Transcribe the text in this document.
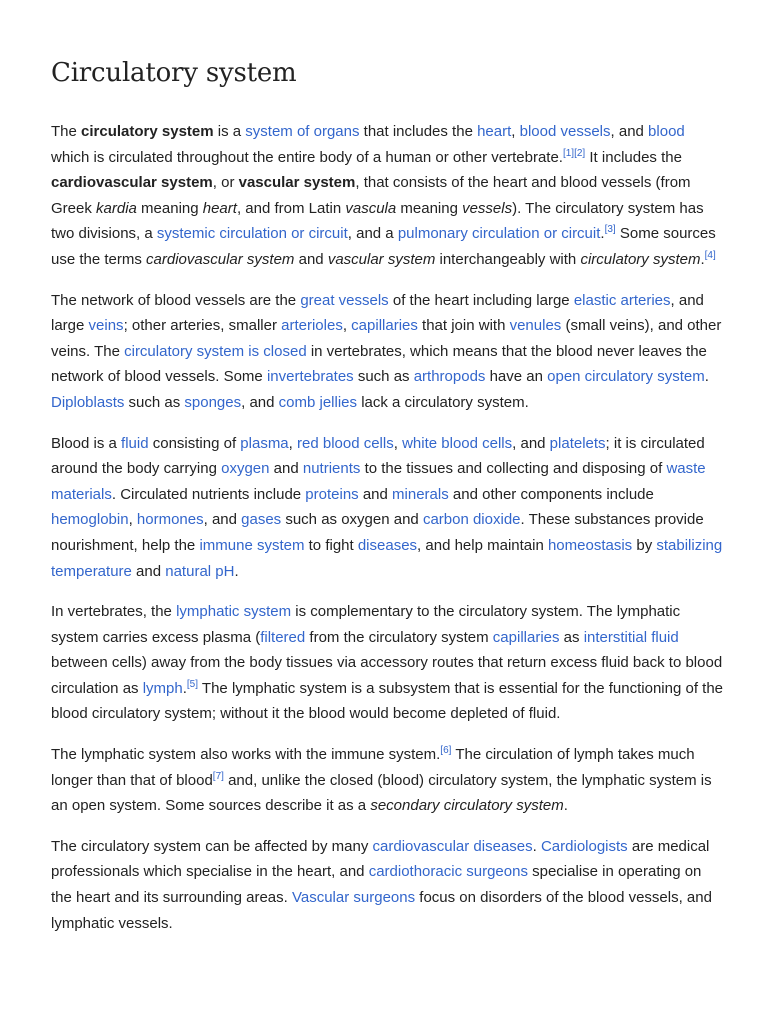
Circulatory system

The circulatory system is a system of organs that includes the heart, blood vessels, and blood which is circulated throughout the entire body of a human or other vertebrate.[1][2] It includes the cardiovascular system, or vascular system, that consists of the heart and blood vessels (from Greek kardia meaning heart, and from Latin vascula meaning vessels). The circulatory system has two divisions, a systemic circulation or circuit, and a pulmonary circulation or circuit.[3] Some sources use the terms cardiovascular system and vascular system interchangeably with circulatory system.[4]

The network of blood vessels are the great vessels of the heart including large elastic arteries, and large veins; other arteries, smaller arterioles, capillaries that join with venules (small veins), and other veins. The circulatory system is closed in vertebrates, which means that the blood never leaves the network of blood vessels. Some invertebrates such as arthropods have an open circulatory system. Diploblasts such as sponges, and comb jellies lack a circulatory system.

Blood is a fluid consisting of plasma, red blood cells, white blood cells, and platelets; it is circulated around the body carrying oxygen and nutrients to the tissues and collecting and disposing of waste materials. Circulated nutrients include proteins and minerals and other components include hemoglobin, hormones, and gases such as oxygen and carbon dioxide. These substances provide nourishment, help the immune system to fight diseases, and help maintain homeostasis by stabilizing temperature and natural pH.

In vertebrates, the lymphatic system is complementary to the circulatory system. The lymphatic system carries excess plasma (filtered from the circulatory system capillaries as interstitial fluid between cells) away from the body tissues via accessory routes that return excess fluid back to blood circulation as lymph.[5] The lymphatic system is a subsystem that is essential for the functioning of the blood circulatory system; without it the blood would become depleted of fluid.

The lymphatic system also works with the immune system.[6] The circulation of lymph takes much longer than that of blood[7] and, unlike the closed (blood) circulatory system, the lymphatic system is an open system. Some sources describe it as a secondary circulatory system.

The circulatory system can be affected by many cardiovascular diseases. Cardiologists are medical professionals which specialise in the heart, and cardiothoracic surgeons specialise in operating on the heart and its surrounding areas. Vascular surgeons focus on disorders of the blood vessels, and lymphatic vessels.
